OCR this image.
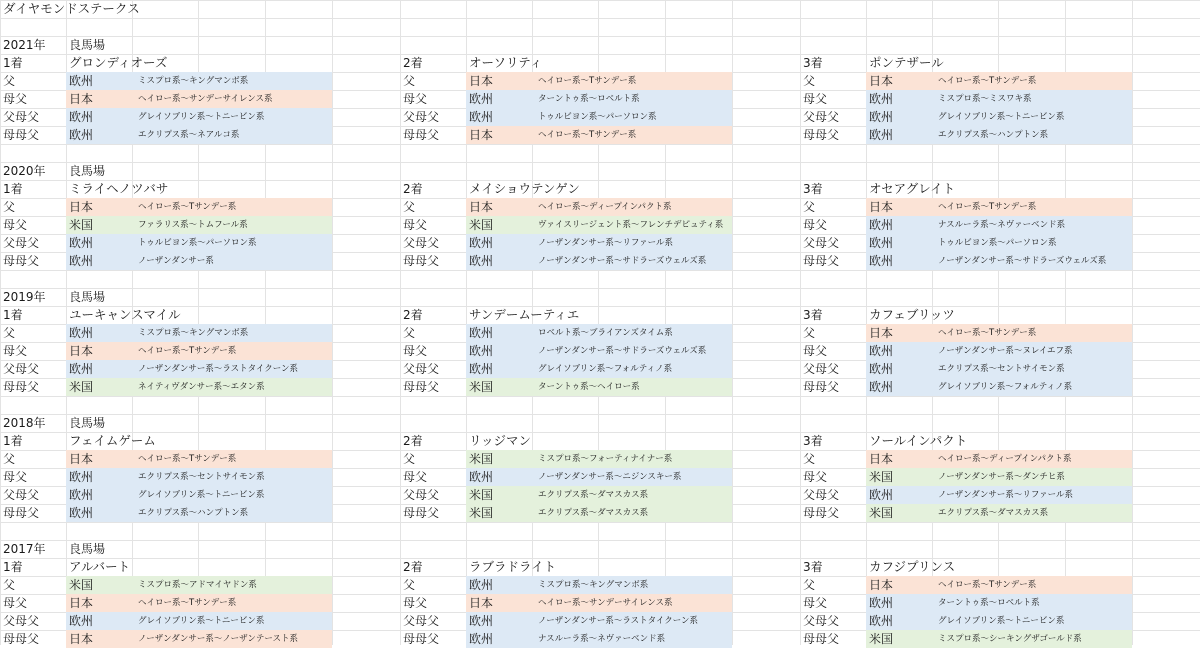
ダイヤモンドステークス
2021年	良馬場
1着	グロンディオーズ
父	欧州	ミスプロ系～キングマンボ系
母父	日本	ヘイロー系～サンデーサイレンス系
父母父	欧州	グレイソブリン系～トニービン系
母母父	欧州	エクリプス系～ネアルコ系
2着	オーソリティ
父	日本	ヘイロー系～Tサンデー系
母父	欧州	ターントゥ系～ロベルト系
父母父	欧州	トゥルビヨン系～パーソロン系
母母父	日本	ヘイロー系～Tサンデー系
3着	ポンテザール
父	日本	ヘイロー系～Tサンデー系
母父	欧州	ミスプロ系～ミスワキ系
父母父	欧州	グレイソブリン系～トニービン系
母母父	欧州	エクリプス系～ハンプトン系
2020年	良馬場
1着	ミライヘノツバサ
父	日本	ヘイロー系～Tサンデー系
母父	米国	ファラリス系～トムフール系
父母父	欧州	トゥルビヨン系～パーソロン系
母母父	欧州	ノーザンダンサー系
2着	メイショウテンゲン
父	日本	ヘイロー系～ディープインパクト系
母父	米国	ヴァイスリージェント系～フレンチデピュティ系
父母父	欧州	ノーザンダンサー系～リファール系
母母父	欧州	ノーザンダンサー系～サドラーズウェルズ系
3着	オセアグレイト
父	日本	ヘイロー系～Tサンデー系
母父	欧州	ナスルーラ系～ネヴァーベンド系
父母父	欧州	トゥルビヨン系～パーソロン系
母母父	欧州	ノーザンダンサー系～サドラーズウェルズ系
2019年	良馬場
1着	ユーキャンスマイル
父	欧州	ミスプロ系～キングマンボ系
母父	日本	ヘイロー系～Tサンデー系
父母父	欧州	ノーザンダンサー系～ラストタイクーン系
母母父	米国	ネイティヴダンサー系～エタン系
2着	サンデームーティエ
父	欧州	ロベルト系～ブライアンズタイム系
母父	欧州	ノーザンダンサー系～サドラーズウェルズ系
父母父	欧州	グレイソブリン系～フォルティノ系
母母父	米国	ターントゥ系～ヘイロー系
3着	カフェブリッツ
父	日本	ヘイロー系～Tサンデー系
母父	欧州	ノーザンダンサー系～ヌレイエフ系
父母父	欧州	エクリプス系～セントサイモン系
母母父	欧州	グレイソブリン系～フォルティノ系
2018年	良馬場
1着	フェイムゲーム
父	日本	ヘイロー系～Tサンデー系
母父	欧州	エクリプス系～セントサイモン系
父母父	欧州	グレイソブリン系～トニービン系
母母父	欧州	エクリプス系～ハンプトン系
2着	リッジマン
父	米国	ミスプロ系～フォーティナイナー系
母父	欧州	ノーザンダンサー系～ニジンスキー系
父母父	米国	エクリプス系～ダマスカス系
母母父	米国	エクリプス系～ダマスカス系
3着	ソールインパクト
父	日本	ヘイロー系～ディープインパクト系
母父	米国	ノーザンダンサー系～ダンチヒ系
父母父	欧州	ノーザンダンサー系～リファール系
母母父	米国	エクリプス系～ダマスカス系
2017年	良馬場
1着	アルバート
父	米国	ミスプロ系～アドマイヤドン系
母父	日本	ヘイロー系～Tサンデー系
父母父	欧州	グレイソブリン系～トニービン系
母母父	日本	ノーザンダンサー系～ノーザンテースト系
2着	ラブラドライト
父	欧州	ミスプロ系～キングマンボ系
母父	日本	ヘイロー系～サンデーサイレンス系
父母父	欧州	ノーザンダンサー系～ラストタイクーン系
母母父	欧州	ナスルーラ系～ネヴァーベンド系
3着	カフジプリンス
父	日本	ヘイロー系～Tサンデー系
母父	欧州	ターントゥ系～ロベルト系
父母父	欧州	グレイソブリン系～トニービン系
母母父	米国	ミスプロ系～シーキングザゴールド系
